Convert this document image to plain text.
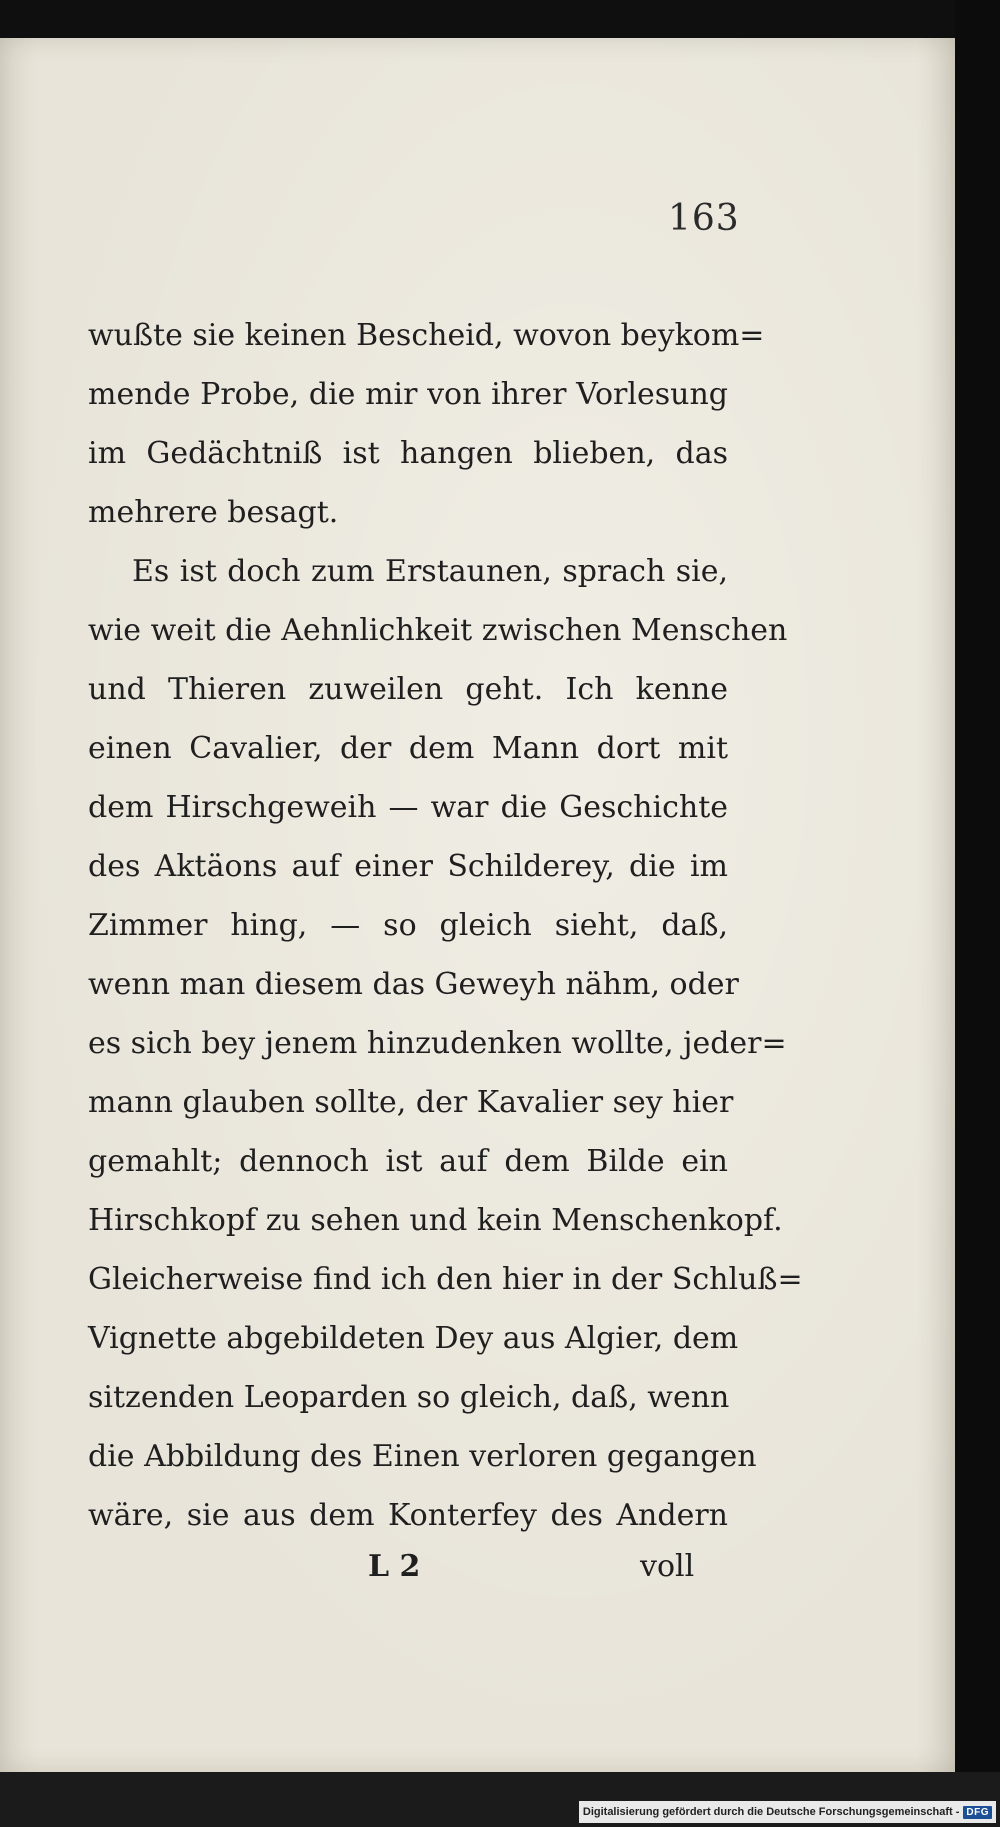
163
wußte sie keinen Bescheid, wovon beykom=
mende Probe, die mir von ihrer Vorlesung
im Gedächtniß ist hangen blieben, das
mehrere besagt.
Es ist doch zum Erstaunen, sprach sie,
wie weit die Aehnlichkeit zwischen Menschen
und Thieren zuweilen geht. Ich kenne
einen Cavalier, der dem Mann dort mit
dem Hirschgeweih — war die Geschichte
des Aktäons auf einer Schilderey, die im
Zimmer hing, — so gleich sieht, daß,
wenn man diesem das Geweyh nähm, oder
es sich bey jenem hinzudenken wollte, jeder=
mann glauben sollte, der Kavalier sey hier
gemahlt; dennoch ist auf dem Bilde ein
Hirschkopf zu sehen und kein Menschenkopf.
Gleicherweise find ich den hier in der Schluß=
Vignette abgebildeten Dey aus Algier, dem
sitzenden Leoparden so gleich, daß, wenn
die Abbildung des Einen verloren gegangen
wäre, sie aus dem Konterfey des Andern
L 2	voll
Digitalisierung gefördert durch die Deutsche Forschungsgemeinschaft - DFG
